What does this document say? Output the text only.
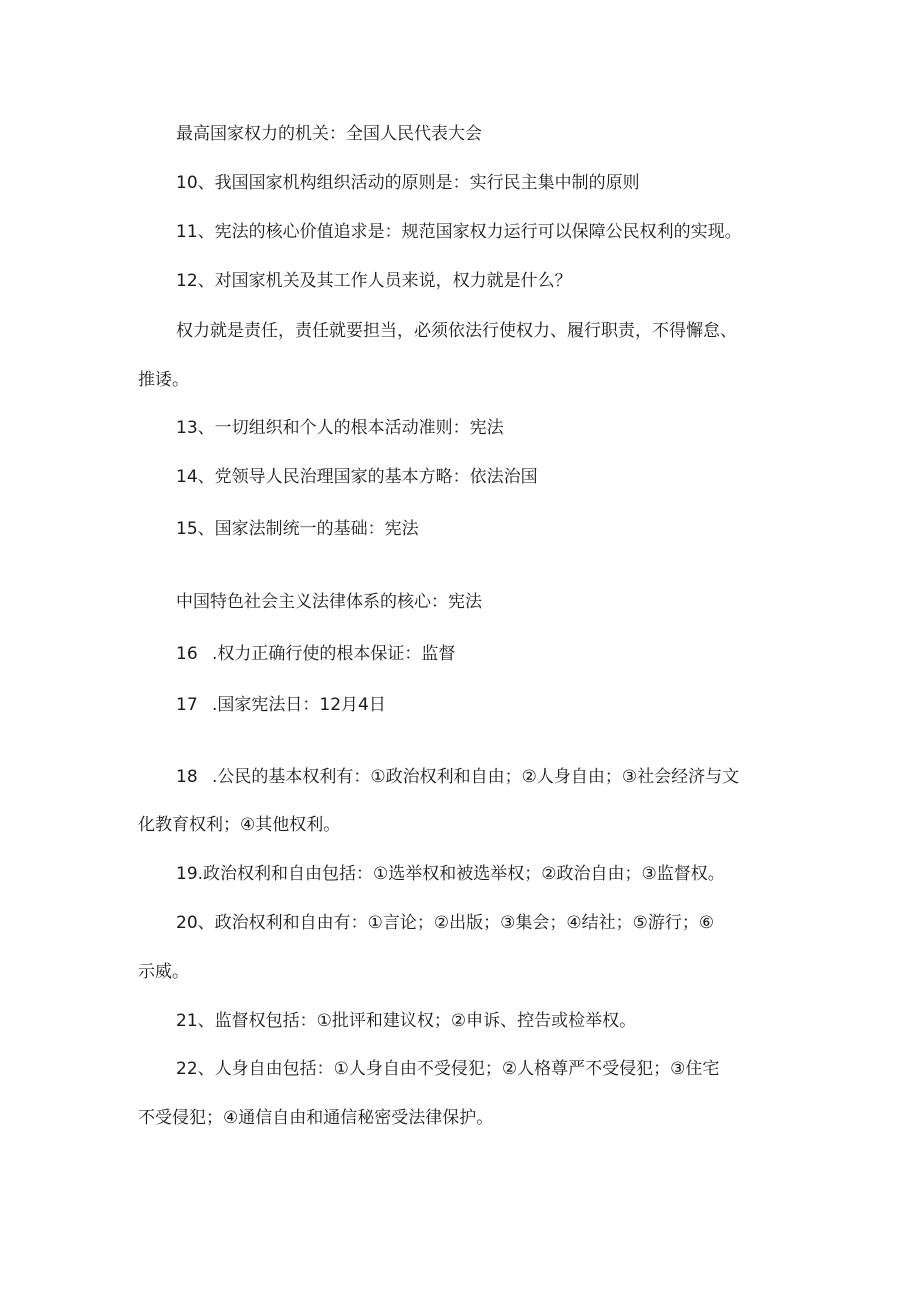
最高国家权力的机关：全国人民代表大会
10、我国国家机构组织活动的原则是：实行民主集中制的原则
11、宪法的核心价值追求是：规范国家权力运行可以保障公民权利的实现。
12、对国家机关及其工作人员来说，权力就是什么？
权力就是责任，责任就要担当，必须依法行使权力、履行职责，不得懈怠、
推诿。
13、一切组织和个人的根本活动准则：宪法
14、党领导人民治理国家的基本方略：依法治国
15、国家法制统一的基础：宪法
中国特色社会主义法律体系的核心：宪法
16 .权力正确行使的根本保证：监督
17 .国家宪法日：12月4日
18 .公民的基本权利有：①政治权利和自由；②人身自由；③社会经济与文
化教育权利；④其他权利。
19.政治权利和自由包括：①选举权和被选举权；②政治自由；③监督权。
20、政治权利和自由有：①言论；②出版；③集会；④结社；⑤游行；⑥
示威。
21、监督权包括：①批评和建议权；②申诉、控告或检举权。
22、人身自由包括：①人身自由不受侵犯；②人格尊严不受侵犯；③住宅
不受侵犯；④通信自由和通信秘密受法律保护。
